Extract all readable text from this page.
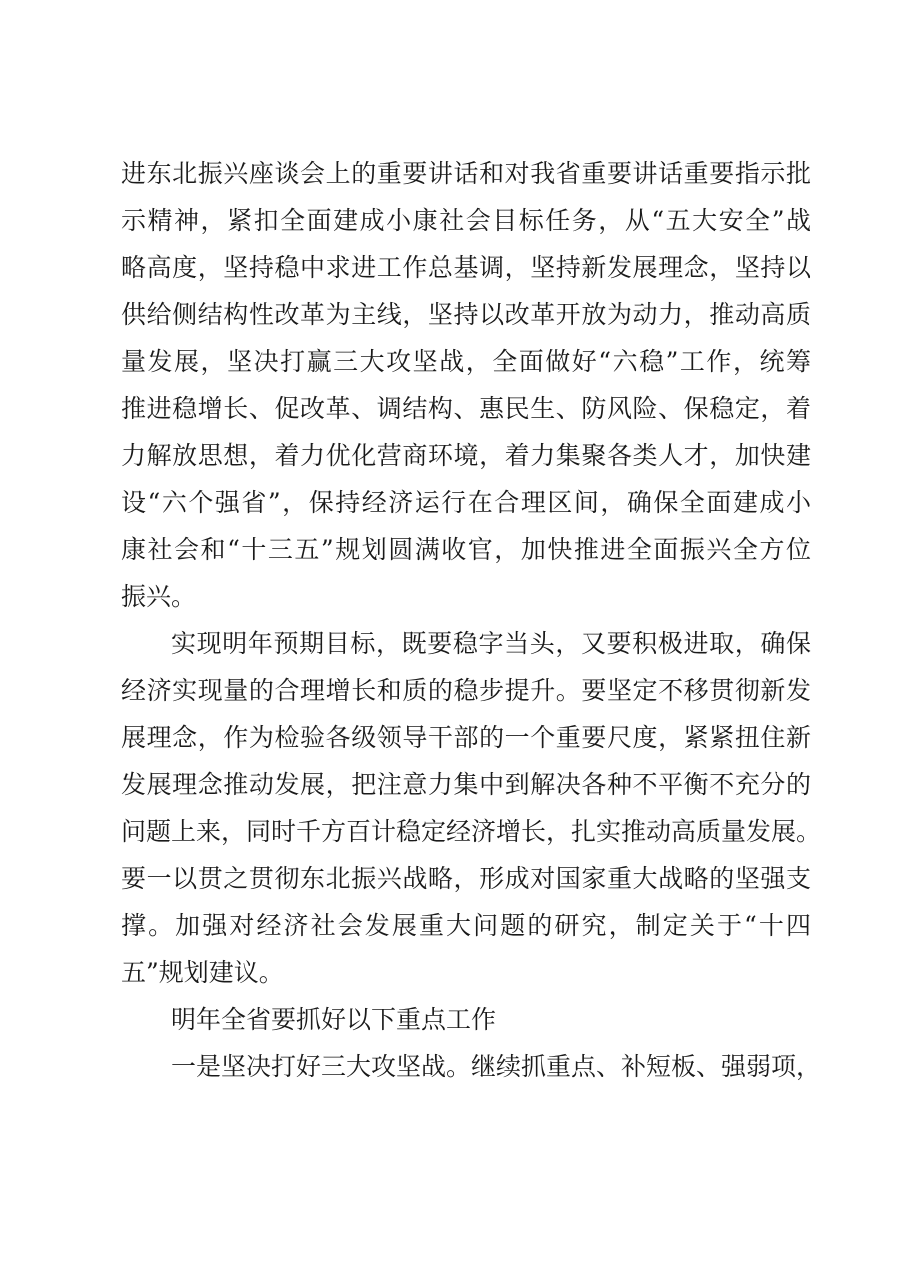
进东北振兴座谈会上的重要讲话和对我省重要讲话重要指示批
示精神，紧扣全面建成小康社会目标任务，从“五大安全”战
略高度，坚持稳中求进工作总基调，坚持新发展理念，坚持以
供给侧结构性改革为主线，坚持以改革开放为动力，推动高质
量发展，坚决打赢三大攻坚战，全面做好“六稳”工作，统筹
推进稳增长、促改革、调结构、惠民生、防风险、保稳定，着
力解放思想，着力优化营商环境，着力集聚各类人才，加快建
设“六个强省”，保持经济运行在合理区间，确保全面建成小
康社会和“十三五”规划圆满收官，加快推进全面振兴全方位
振兴。
实现明年预期目标，既要稳字当头，又要积极进取，确保
经济实现量的合理增长和质的稳步提升。要坚定不移贯彻新发
展理念，作为检验各级领导干部的一个重要尺度，紧紧扭住新
发展理念推动发展，把注意力集中到解决各种不平衡不充分的
问题上来，同时千方百计稳定经济增长，扎实推动高质量发展。
要一以贯之贯彻东北振兴战略，形成对国家重大战略的坚强支
撑。加强对经济社会发展重大问题的研究，制定关于“十四
五”规划建议。
明年全省要抓好以下重点工作
一是坚决打好三大攻坚战。继续抓重点、补短板、强弱项，
